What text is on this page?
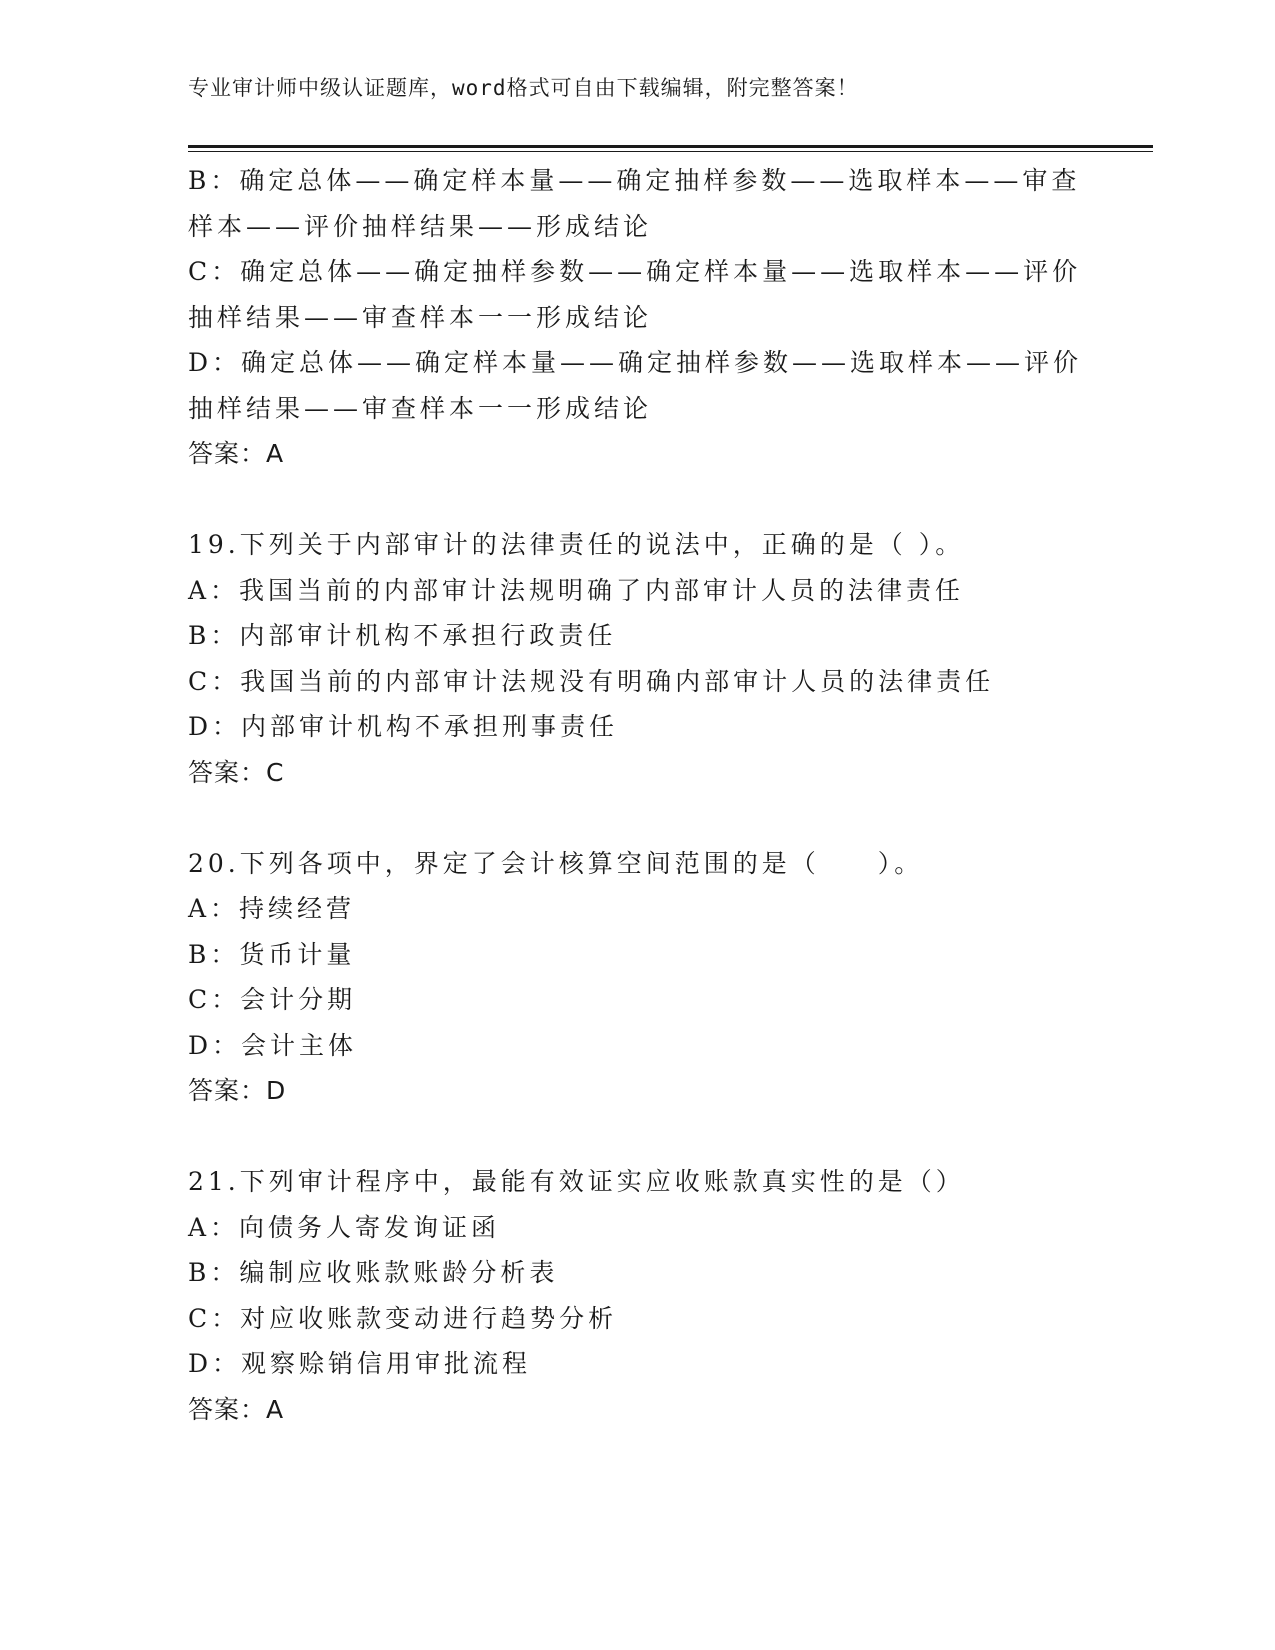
专业审计师中级认证题库，word格式可自由下载编辑，附完整答案！
B：确定总体——确定样本量——确定抽样参数——选取样本——审查
样本——评价抽样结果——形成结论
C：确定总体——确定抽样参数——确定样本量——选取样本——评价
抽样结果——审查样本一一形成结论
D：确定总体——确定样本量——确定抽样参数——选取样本——评价
抽样结果——审查样本一一形成结论
答案：A
19.下列关于内部审计的法律责任的说法中，正确的是（ ）。
A：我国当前的内部审计法规明确了内部审计人员的法律责任
B：内部审计机构不承担行政责任
C：我国当前的内部审计法规没有明确内部审计人员的法律责任
D：内部审计机构不承担刑事责任
答案：C
20.下列各项中，界定了会计核算空间范围的是（　　）。
A：持续经营
B：货币计量
C：会计分期
D：会计主体
答案：D
21.下列审计程序中，最能有效证实应收账款真实性的是（）
A：向债务人寄发询证函
B：编制应收账款账龄分析表
C：对应收账款变动进行趋势分析
D：观察赊销信用审批流程
答案：A
